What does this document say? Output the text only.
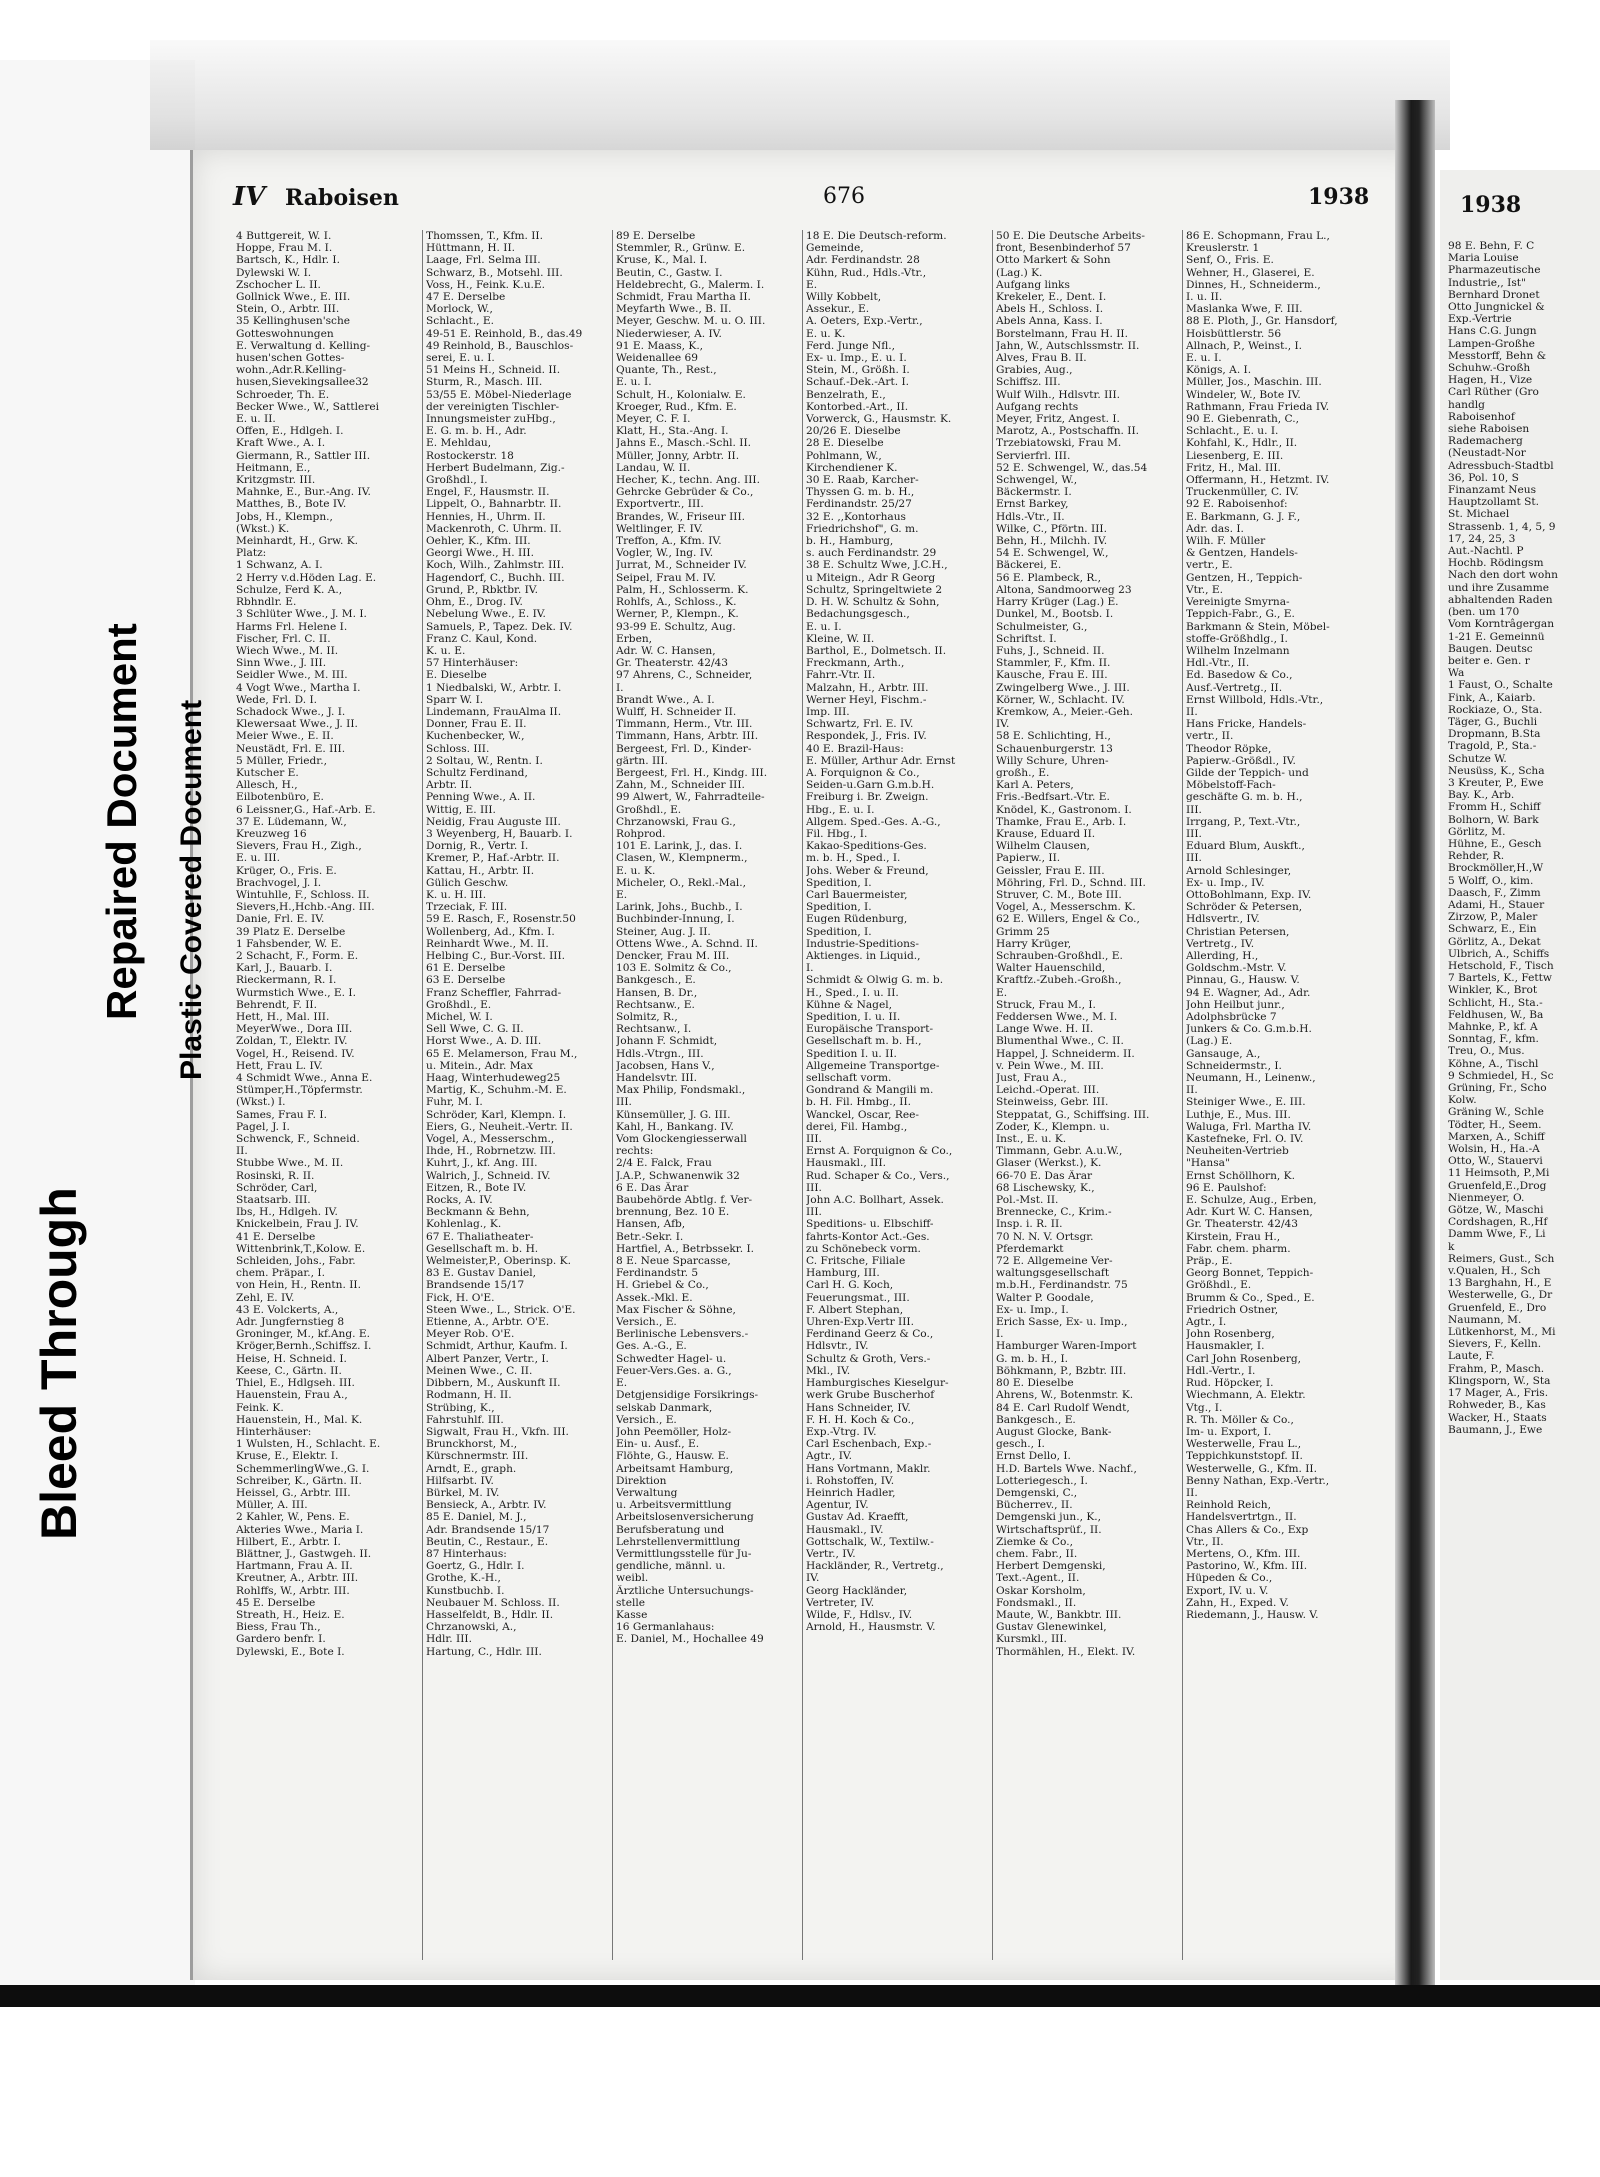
IV Raboisen	676	1938
4 Buttgereit, W. I.
Hoppe, Frau M. I.
Bartsch, K., Hdlr. I.
Dylewski W. I.
Zschocher L. II.
Gollnick Wwe., E. III.
Stein, O., Arbtr. III.
35 Kellinghusen'sche
Gotteswohnungen
E. Verwaltung d. Kelling-
husen'schen Gottes-
wohn.,Adr.R.Kelling-
husen,Sievekingsallee32
Schroeder, Th. E.
Becker Wwe., W., Sattlerei
E. u. II.
Offen, E., Hdlgeh. I.
Kraft Wwe., A. I.
Giermann, R., Sattler III.
Heitmann, E.,
Kritzgmstr. III.
Mahnke, E., Bur.-Ang. IV.
Matthes, B., Bote IV.
Jobs, H., Klempn.,
(Wkst.) K.
Meinhardt, H., Grw. K.
Platz:
1 Schwanz, A. I.
2 Herry v.d.Höden Lag. E.
Schulze, Ferd K. A.,
Rbhndlr. E.
3 Schlüter Wwe., J. M. I.
Harms Frl. Helene I.
Fischer, Frl. C. II.
Wiech Wwe., M. II.
Sinn Wwe., J. III.
Seidler Wwe., M. III.
4 Vogt Wwe., Martha I.
Wede, Frl. D. I.
Schadock Wwe., J. I.
Klewersaat Wwe., J. II.
Meier Wwe., E. II.
Neustädt, Frl. E. III.
5 Müller, Friedr.,
Kutscher E.
Allesch, H.,
Eilbotenbüro, E.
6 Leissner,G., Haf.-Arb. E.
37 E. Lüdemann, W.,
Kreuzweg 16
Sievers, Frau H., Zigh.,
E. u. III.
Krüger, O., Fris. E.
Brachvogel, J. I.
Wintuhlle, F., Schloss. II.
Sievers,H.,Hchb.-Ang. III.
Danie, Frl. E. IV.
39 Platz E. Derselbe
1 Fahsbender, W. E.
2 Schacht, F., Form. E.
Karl, J., Bauarb. I.
Rieckermann, R. I.
Wurmstich Wwe., E. I.
Behrendt, F. II.
Hett, H., Mal. III.
MeyerWwe., Dora III.
Zoldan, T., Elektr. IV.
Vogel, H., Reisend. IV.
Hett, Frau L. IV.
4 Schmidt Wwe., Anna E.
Stümper,H.,Töpfermstr.
(Wkst.) I.
Sames, Frau F. I.
Pagel, J. I.
Schwenck, F., Schneid.
II.
Stubbe Wwe., M. II.
Rosinski, R. II.
Schröder, Carl,
Staatsarb. III.
Ibs, H., Hdlgeh. IV.
Knickelbein, Frau J. IV.
41 E. Derselbe
Wittenbrink,T.,Kolow. E.
Schleiden, Johs., Fabr.
chem. Präpar., I.
von Hein, H., Rentn. II.
Zehl, E. IV.
43 E. Volckerts, A.,
Adr. Jungfernstieg 8
Groninger, M., kf.Ang. E.
Kröger,Bernh.,Schiffsz. I.
Heise, H. Schneid. I.
Keese, C., Gärtn. II.
Thiel, E., Hdlgseh. III.
Hauenstein, Frau A.,
Feink. K.
Hauenstein, H., Mal. K.
Hinterhäuser:
1 Wulsten, H., Schlacht. E.
Kruse, E., Elektr. I.
SchemmerlingWwe.,G. I.
Schreiber, K., Gärtn. II.
Heissel, G., Arbtr. III.
Müller, A. III.
2 Kahler, W., Pens. E.
Akteries Wwe., Maria I.
Hilbert, E., Arbtr. I.
Blättner, J., Gastwgeh. II.
Hartmann, Frau A. II.
Kreutner, A., Arbtr. III.
Rohlffs, W., Arbtr. III.
45 E. Derselbe
Streath, H., Heiz. E.
Biess, Frau Th.,
Gardero benfr. I.
Dylewski, E., Bote I.
Thomssen, T., Kfm. II.
Hüttmann, H. II.
Laage, Frl. Selma III.
Schwarz, B., Motsehl. III.
Voss, H., Feink. K.u.E.
47 E. Derselbe
Morlock, W.,
Schlacht., E.
49-51 E. Reinhold, B., das.49
49 Reinhold, B., Bauschlos-
serei, E. u. I.
51 Meins H., Schneid. II.
Sturm, R., Masch. III.
53/55 E. Möbel-Niederlage
der vereinigten Tischler-
Innungsmeister zuHbg.,
E. G. m. b. H., Adr.
E. Mehldau,
Rostockerstr. 18
Herbert Budelmann, Zig.-
Großhdl., I.
Engel, F., Hausmstr. II.
Lippelt, O., Bahnarbtr. II.
Hennies, H., Uhrm. II.
Mackenroth, C. Uhrm. II.
Oehler, K., Kfm. III.
Georgi Wwe., H. III.
Koch, Wilh., Zahlmstr. III.
Hagendorf, C., Buchh. III.
Grund, P., Rbktbr. IV.
Ohm, E., Drog. IV.
Nebelung Wwe., E. IV.
Samuels, P., Tapez. Dek. IV.
Franz C. Kaul, Kond.
K. u. E.
57 Hinterhäuser:
E. Dieselbe
1 Niedbalski, W., Arbtr. I.
Sparr W. I.
Lindemann, FrauAlma II.
Donner, Frau E. II.
Kuchenbecker, W.,
Schloss. III.
2 Soltau, W., Rentn. I.
Schultz Ferdinand,
Arbtr. II.
Penning Wwe., A. II.
Wittig, E. III.
Neidig, Frau Auguste III.
3 Weyenberg, H, Bauarb. I.
Dornig, R., Vertr. I.
Kremer, P., Haf.-Arbtr. II.
Kattau, H., Arbtr. II.
Gülich Geschw.
K. u. H. III.
Trzeciak, F. III.
59 E. Rasch, F., Rosenstr.50
Wollenberg, Ad., Kfm. I.
Reinhardt Wwe., M. II.
Helbing C., Bur.-Vorst. III.
61 E. Derselbe
63 E. Derselbe
Franz Scheffler, Fahrrad-
Großhdl., E.
Michel, W. I.
Sell Wwe, C. G. II.
Horst Wwe., A. D. III.
65 E. Melamerson, Frau M.,
u. Mitein., Adr. Max
Haag, Winterhudeweg25
Martig, K., Schuhm.-M. E.
Fuhr, M. I.
Schröder, Karl, Klempn. I.
Eiers, G., Neuheit.-Vertr. II.
Vogel, A., Messerschm.,
Ihde, H., Robrnetzw. III.
Kuhrt, J., kf. Ang. III.
Walrich, J., Schneid. IV.
Eitzen, R., Bote IV.
Rocks, A. IV.
Beckmann & Behn,
Kohlenlag., K.
67 E. Thaliatheater-
Gesellschaft m. b. H.
Welmeister,P., Oberinsp. K.
83 E. Gustav Daniel,
Brandsende 15/17
Fick, H. O'E.
Steen Wwe., L., Strick. O'E.
Etienne, A., Arbtr. O'E.
Meyer Rob. O'E.
Schmidt, Arthur, Kaufm. I.
Albert Panzer, Vertr., I.
Meinen Wwe., C. II.
Dibbern, M., Auskunft II.
Rodmann, H. II.
Strübing, K.,
Fahrstuhlf. III.
Sigwalt, Frau H., Vkfn. III.
Brunckhorst, M.,
Kürschnermstr. III.
Arndt, E., graph.
Hilfsarbt. IV.
Bürkel, M. IV.
Bensieck, A., Arbtr. IV.
85 E. Daniel, M. J.,
Adr. Brandsende 15/17
Beutin, C., Restaur., E.
87 Hinterhaus:
Goertz, G., Hdlr. I.
Grothe, K.-H.,
Kunstbuchb. I.
Neubauer M. Schloss. II.
Hasselfeldt, B., Hdlr. II.
Chrzanowski, A.,
Hdlr. III.
Hartung, C., Hdlr. III.
89 E. Derselbe
Stemmler, R., Grünw. E.
Kruse, K., Mal. I.
Beutin, C., Gastw. I.
Heldebrecht, G., Malerm. I.
Schmidt, Frau Martha II.
Meyfarth Wwe., B. II.
Meyer, Geschw. M. u. O. III.
Niederwieser, A. IV.
91 E. Maass, K.,
Weidenallee 69
Quante, Th., Rest.,
E. u. I.
Schult, H., Kolonialw. E.
Kroeger, Rud., Kfm. E.
Meyer, C. F. I.
Klatt, H., Sta.-Ang. I.
Jahns E., Masch.-Schl. II.
Müller, Jonny, Arbtr. II.
Landau, W. II.
Hecher, K., techn. Ang. III.
Gehrcke Gebrüder & Co.,
Exportvertr., III.
Brandes, W., Friseur III.
Weltlinger, F. IV.
Treffon, A., Kfm. IV.
Vogler, W., Ing. IV.
Jurrat, M., Schneider IV.
Seipel, Frau M. IV.
Palm, H., Schlosserm. K.
Rohlfs, A., Schloss., K.
Werner, P., Klempn., K.
93-99 E. Schultz, Aug.
Erben,
Adr. W. C. Hansen,
Gr. Theaterstr. 42/43
97 Ahrens, C., Schneider,
I.
Brandt Wwe., A. I.
Wulff, H. Schneider II.
Timmann, Herm., Vtr. III.
Timmann, Hans, Arbtr. III.
Bergeest, Frl. D., Kinder-
gärtn. III.
Bergeest, Frl. H., Kindg. III.
Zahn, M., Schneider III.
99 Alwert, W., Fahrradteile-
Großhdl., E.
Chrzanowski, Frau G.,
Rohprod.
101 E. Larink, J., das. I.
Clasen, W., Klempnerm.,
E. u. K.
Micheler, O., Rekl.-Mal.,
E.
Larink, Johs., Buchb., I.
Buchbinder-Innung, I.
Steiner, Aug. J. II.
Ottens Wwe., A. Schnd. II.
Dencker, Frau M. III.
103 E. Solmitz & Co.,
Bankgesch., E.
Hansen, B. Dr.,
Rechtsanw., E.
Solmitz, R.,
Rechtsanw., I.
Johann F. Schmidt,
Hdls.-Vtrgn., III.
Jacobsen, Hans V.,
Handelsvtr. III.
Max Philip, Fondsmakl.,
III.
Künsemüller, J. G. III.
Kahl, H., Bankang. IV.
Vom Glockengiesserwall
rechts:
2/4 E. Falck, Frau
J.A.P., Schwanenwik 32
6 E. Das Ärar
Baubehörde Abtlg. f. Ver-
brennung, Bez. 10 E.
Hansen, Afb,
Betr.-Sekr. I.
Hartfiel, A., Betrbssekr. I.
8 E. Neue Sparcasse,
Ferdinandstr. 5
H. Griebel & Co.,
Assek.-Mkl. E.
Max Fischer & Söhne,
Versich., E.
Berlinische Lebensvers.-
Ges. A.-G., E.
Schwedter Hagel- u.
Feuer-Vers.Ges. a. G.,
E.
Detgjensidige Forsikrings-
selskab Danmark,
Versich., E.
John Peemöller, Holz-
Ein- u. Ausf., E.
Flöhte, G., Hausw. E.
Arbeitsamt Hamburg,
Direktion
Verwaltung
u. Arbeitsvermittlung
Arbeitslosenversicherung
Berufsberatung und
Lehrstellenvermittlung
Vermittlungsstelle für Ju-
gendliche, männl. u.
weibl.
Ärztliche Untersuchungs-
stelle
Kasse
16 Germanlahaus:
E. Daniel, M., Hochallee 49
18 E. Die Deutsch-reform.
Gemeinde,
Adr. Ferdinandstr. 28
Kühn, Rud., Hdls.-Vtr.,
E.
Willy Kobbelt,
Assekur., E.
A. Oeters, Exp.-Vertr.,
E. u. K.
Ferd. Junge Nfl.,
Ex- u. Imp., E. u. I.
Stein, M., Größh. I.
Schauf.-Dek.-Art. I.
Benzelrath, E.,
Kontorbed.-Art., II.
Vorwerck, G., Hausmstr. K.
20/26 E. Dieselbe
28 E. Dieselbe
Pohlmann, W.,
Kirchendiener K.
30 E. Raab, Karcher-
Thyssen G. m. b. H.,
Ferdinandstr. 25/27
32 E. ,,Kontorhaus
Friedrichshof", G. m.
b. H., Hamburg,
s. auch Ferdinandstr. 29
38 E. Schultz Wwe, J.C.H.,
u Miteign., Adr R Georg
Schultz, Springeltwiete 2
D. H. W. Schultz & Sohn,
Bedachungsgesch.,
E. u. I.
Kleine, W. II.
Barthol, E., Dolmetsch. II.
Freckmann, Arth.,
Fahrr.-Vtr. II.
Malzahn, H., Arbtr. III.
Werner Heyl, Fischm.-
Imp. III.
Schwartz, Frl. E. IV.
Respondek, J., Fris. IV.
40 E. Brazil-Haus:
E. Müller, Arthur Adr. Ernst
A. Forquignon & Co.,
Seiden-u.Garn G.m.b.H.
Freiburg i. Br. Zweign.
Hbg., E. u. I.
Allgem. Sped.-Ges. A.-G.,
Fil. Hbg., I.
Kakao-Speditions-Ges.
m. b. H., Sped., I.
Johs. Weber & Freund,
Spedition, I.
Carl Bauermeister,
Spedition, I.
Eugen Rüdenburg,
Spedition, I.
Industrie-Speditions-
Aktienges. in Liquid.,
I.
Schmidt & Olwig G. m. b.
H., Sped., I. u. II.
Kühne & Nagel,
Spedition, I. u. II.
Europäische Transport-
Gesellschaft m. b. H.,
Spedition I. u. II.
Allgemeine Transportge-
sellschaft vorm.
Gondrand & Mangili m.
b. H. Fil. Hmbg., II.
Wanckel, Oscar, Ree-
derei, Fil. Hambg.,
III.
Ernst A. Forquignon & Co.,
Hausmakl., III.
Rud. Schaper & Co., Vers.,
III.
John A.C. Bollhart, Assek.
III.
Speditions- u. Elbschiff-
fahrts-Kontor Act.-Ges.
zu Schönebeck vorm.
C. Fritsche, Filiale
Hamburg, III.
Carl H. G. Koch,
Feuerungsmat., III.
F. Albert Stephan,
Uhren-Exp.Vertr III.
Ferdinand Geerz & Co.,
Hdlsvtr., IV.
Schultz & Groth, Vers.-
Mkl., IV.
Hamburgisches Kieselgur-
werk Grube Buscherhof
Hans Schneider, IV.
F. H. H. Koch & Co.,
Exp.-Vtrg. IV.
Carl Eschenbach, Exp.-
Agtr., IV.
Hans Vortmann, Maklr.
i. Rohstoffen, IV.
Heinrich Hadler,
Agentur, IV.
Gustav Ad. Kraefft,
Hausmakl., IV.
Gottschalk, W., Textilw.-
Vertr., IV.
Hackländer, R., Vertretg.,
IV.
Georg Hackländer,
Vertreter, IV.
Wilde, F., Hdlsv., IV.
Arnold, H., Hausmstr. V.
50 E. Die Deutsche Arbeits-
front, Besenbinderhof 57
Otto Markert & Sohn
(Lag.) K.
Aufgang links
Krekeler, E., Dent. I.
Abels H., Schloss. I.
Abels Anna, Kass. I.
Borstelmann, Frau H. II.
Jahn, W., Autschlssmstr. II.
Alves, Frau B. II.
Grabies, Aug.,
Schiffsz. III.
Wulf Wilh., Hdlsvtr. III.
Aufgang rechts
Meyer, Fritz, Angest. I.
Marotz, A., Postschaffn. II.
Trzebiatowski, Frau M.
Servierfrl. III.
52 E. Schwengel, W., das.54
Schwengel, W.,
Bäckermstr. I.
Ernst Barkey,
Hdls.-Vtr., II.
Wilke, C., Pförtn. III.
Behn, H., Milchh. IV.
54 E. Schwengel, W.,
Bäckerei, E.
56 E. Plambeck, R.,
Altona, Sandmoorweg 23
Harry Krüger (Lag.) E.
Dunkel, M., Bootsb. I.
Schulmeister, G.,
Schriftst. I.
Fuhs, J., Schneid. II.
Stammler, F., Kfm. II.
Kausche, Frau E. III.
Zwingelberg Wwe., J. III.
Körner, W., Schlacht. IV.
Kremkow, A., Meier.-Geh.
IV.
58 E. Schlichting, H.,
Schauenburgerstr. 13
Willy Schure, Uhren-
großh., E.
Karl A. Peters,
Fris.-Bedfsart.-Vtr. E.
Knödel, K., Gastronom. I.
Thamke, Frau E., Arb. I.
Krause, Eduard II.
Wilhelm Clausen,
Papierw., II.
Geissler, Frau E. III.
Möhring, Frl. D., Schnd. III.
Struver, C. M., Bote III.
Vogel, A., Messerschm. K.
62 E. Willers, Engel & Co.,
Grimm 25
Harry Krüger,
Schrauben-Großhdl., E.
Walter Hauenschild,
Kraftfz.-Zubeh.-Großh.,
E.
Struck, Frau M., I.
Feddersen Wwe., M. I.
Lange Wwe. H. II.
Blumenthal Wwe., C. II.
Happel, J. Schneiderm. II.
v. Pein Wwe., M. III.
Just, Frau A.,
Leichd.-Operat. III.
Steinweiss, Gebr. III.
Steppatat, G., Schiffsing. III.
Zoder, K., Klempn. u.
Inst., E. u. K.
Timmann, Gebr. A.u.W.,
Glaser (Werkst.), K.
66-70 E. Das Ärar
68 Lischewsky, K.,
Pol.-Mst. II.
Brennecke, C., Krim.-
Insp. i. R. II.
70 N. N. V. Ortsgr.
Pferdemarkt
72 E. Allgemeine Ver-
waltungsgesellschaft
m.b.H., Ferdinandstr. 75
Walter P. Goodale,
Ex- u. Imp., I.
Erich Sasse, Ex- u. Imp.,
I.
Hamburger Waren-Import
G. m. b. H., I.
Böhkmann, P., Bzbtr. III.
80 E. Dieselbe
Ahrens, W., Botenmstr. K.
84 E. Carl Rudolf Wendt,
Bankgesch., E.
August Glocke, Bank-
gesch., I.
Ernst Dello, I.
H.D. Bartels Wwe. Nachf.,
Lotteriegesch., I.
Demgenski, C.,
Bücherrev., II.
Demgenski jun., K.,
Wirtschaftsprüf., II.
Ziemke & Co.,
chem. Fabr., II.
Herbert Demgenski,
Text.-Agent., II.
Oskar Korsholm,
Fondsmakl., II.
Maute, W., Bankbtr. III.
Gustav Glenewinkel,
Kursmkl., III.
Thormählen, H., Elekt. IV.
86 E. Schopmann, Frau L.,
Kreuslerstr. 1
Senf, O., Fris. E.
Wehner, H., Glaserei, E.
Dinnes, H., Schneiderm.,
I. u. II.
Maslanka Wwe, F. III.
88 E. Ploth, J., Gr. Hansdorf,
Hoisbüttlerstr. 56
Allnach, P., Weinst., I.
E. u. I.
Königs, A. I.
Müller, Jos., Maschin. III.
Windeler, W., Bote IV.
Rathmann, Frau Frieda IV.
90 E. Giebenrath, C.,
Schlacht., E. u. I.
Kohfahl, K., Hdlr., II.
Liesenberg, E. III.
Fritz, H., Mal. III.
Offermann, H., Hetzmt. IV.
Truckenmüller, C. IV.
92 E. Raboisenhof:
E. Barkmann, G. J. F.,
Adr. das. I.
Wilh. F. Müller
& Gentzen, Handels-
vertr., E.
Gentzen, H., Teppich-
Vtr., E.
Vereinigte Smyrna-
Teppich-Fabr., G., E.
Barkmann & Stein, Möbel-
stoffe-Größhdlg., I.
Wilhelm Inzelmann
Hdl.-Vtr., II.
Ed. Basedow & Co.,
Ausf.-Vertretg., II.
Ernst Willbold, Hdls.-Vtr.,
II.
Hans Fricke, Handels-
vertr., II.
Theodor Röpke,
Papierw.-Größdl., IV.
Gilde der Teppich- und
Möbelstoff-Fach-
geschäfte G. m. b. H.,
III.
Irrgang, P., Text.-Vtr.,
III.
Eduard Blum, Auskft.,
III.
Arnold Schlesinger,
Ex- u. Imp., IV.
OttoBohlmann, Exp. IV.
Schröder & Petersen,
Hdlsvertr., IV.
Christian Petersen,
Vertretg., IV.
Allerding, H.,
Goldschm.-Mstr. V.
Pinnau, G., Hausw. V.
94 E. Wagner, Ad., Adr.
John Heilbut junr.,
Adolphsbrücke 7
Junkers & Co. G.m.b.H.
(Lag.) E.
Gansauge, A.,
Schneidermstr., I.
Neumann, H., Leinenw.,
II.
Steiniger Wwe., E. III.
Luthje, E., Mus. III.
Waluga, Frl. Martha IV.
Kastefneke, Frl. O. IV.
Neuheiten-Vertrieb
"Hansa"
Ernst Schöllhorn, K.
96 E. Paulshof:
E. Schulze, Aug., Erben,
Adr. Kurt W. C. Hansen,
Gr. Theaterstr. 42/43
Kirstein, Frau H.,
Fabr. chem. pharm.
Präp., E.
Georg Bonnet, Teppich-
Größhdl., E.
Brumm & Co., Sped., E.
Friedrich Ostner,
Agtr., I.
John Rosenberg,
Hausmakler, I.
Carl John Rosenberg,
Hdl.-Vertr., I.
Rud. Höpcker, I.
Wiechmann, A. Elektr.
Vtg., I.
R. Th. Möller & Co.,
Im- u. Export, I.
Westerwelle, Frau L.,
Teppichkunststopf. II.
Westerwelle, G., Kfm. II.
Benny Nathan, Exp.-Vertr.,
II.
Reinhold Reich,
Handelsvertrtgn., II.
Chas Allers & Co., Exp
Vtr., II.
Mertens, O., Kfm. III.
Pastorino, W., Kfm. III.
Hüpeden & Co.,
Export, IV. u. V.
Zahn, H., Exped. V.
Riedemann, J., Hausw. V.
1938
98 E. Behn, F. C
Maria Louise
Pharmazeutische
Industrie,, Ist"
Bernhard Dronet
Otto Jungnickel &
Exp.-Vertrie
Hans C.G. Jungn
Lampen-Großhe
Messtorff, Behn &
Schuhw.-Großh
Hagen, H., Vize
Carl Rüther (Gro
handlg
Raboisenhof
siehe Raboisen
Rademacherg
(Neustadt-Nor
Adressbuch-Stadtbl
36, Pol. 10, S
Finanzamt Neus
Hauptzollamt St.
St. Michael
Strassenb. 1, 4, 5, 9
17, 24, 25, 3
Aut.-Nachtl. P
Hochb. Rödingsm
Nach den dort wohn
und ihre Zusamme
abhaltenden Raden
(ben. um 170
Vom Korntrâgergan
1-21 E. Gemeinnü
Baugen. Deutsc
beiter e. Gen. r
Wa
1 Faust, O., Schalte
Fink, A., Kaiarb.
Rockiaze, O., Sta.
Täger, G., Buchli
Dropmann, B.Sta
Tragold, P., Sta.-
Schutze W.
Neusüss, K., Scha
3 Kreuter, P., Ewe
Bay. K., Arb.
Fromm H., Schiff
Bolhorn, W. Bark
Görlitz, M.
Hühne, E., Gesch
Rehder, R.
Brockmöller,H.,W
5 Wolff, O., kim.
Daasch, F., Zimm
Adami, H., Stauer
Zirzow, P., Maler
Schwarz, E., Ein
Görlitz, A., Dekat
Ulbrich, A., Schiffs
Hetschold, F., Tisch
7 Bartels, K., Fettw
Winkler, K., Brot
Schlicht, H., Sta.-
Feldhusen, W., Ba
Mahnke, P., kf. A
Sonntag, F., kfm.
Treu, O., Mus.
Köhne, A., Tischl
9 Schmiedel, H., Sc
Grüning, Fr., Scho
Kolw.
Gräning W., Schle
Tödter, H., Seem.
Marxen, A., Schiff
Wolsin, H., Ha.-A
Otto, W., Stauervi
11 Heimsoth, P.,Mi
Gruenfeld,E.,Drog
Nienmeyer, O.
Götze, W., Maschi
Cordshagen, R.,Hf
Damm Wwe, F., Li
k
Reimers, Gust., Sch
v.Qualen, H., Sch
13 Barghahn, H., E
Westerwelle, G., Dr
Gruenfeld, E., Dro
Naumann, M.
Lütkenhorst, M., Mi
Sievers, F., Kelln.
Laute, F.
Frahm, P., Masch.
Klingsporn, W., Sta
17 Mager, A., Fris.
Rohweder, B., Kas
Wacker, H., Staats
Baumann, J., Ewe
Bleed Through
Repaired Document Plastic Covered Document
